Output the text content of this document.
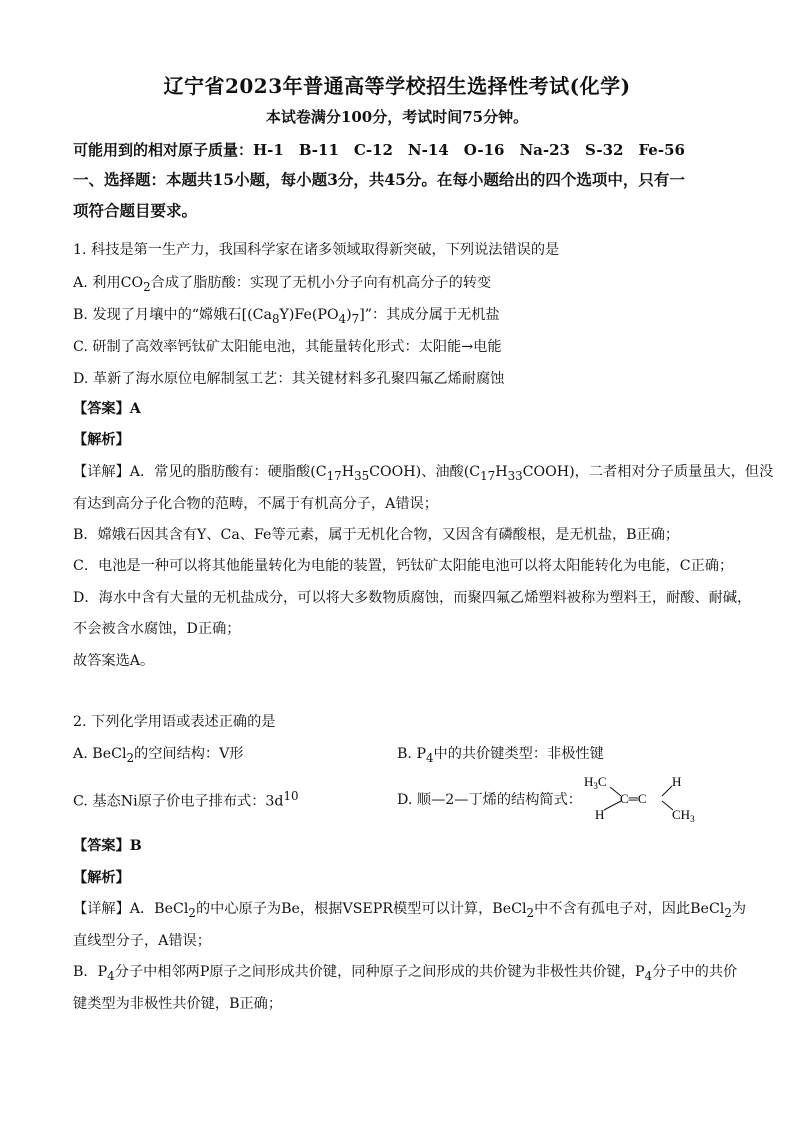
辽宁省2023年普通高等学校招生选择性考试(化学)
本试卷满分100分，考试时间75分钟。
可能用到的相对原子质量：H-1　B-11　C-12　N-14　O-16　Na-23　S-32　Fe-56
一、选择题：本题共15小题，每小题3分，共45分。在每小题给出的四个选项中，只有一
项符合题目要求。
1. 科技是第一生产力，我国科学家在诸多领域取得新突破，下列说法错误的是
A. 利用$CO_2$合成了脂肪酸：实现了无机小分子向有机高分子的转变
B. 发现了月壤中的“嫦娥石$[(Ca_8Y)Fe(PO_4)_7]$”：其成分属于无机盐
C. 研制了高效率钙钛矿太阳能电池，其能量转化形式：太阳能→电能
D. 革新了海水原位电解制氢工艺：其关键材料多孔聚四氟乙烯耐腐蚀
【答案】A
【解析】
【详解】A．常见的脂肪酸有：硬脂酸$(C_{17}H_{35}COOH)$、油酸$(C_{17}H_{33}COOH)$，二者相对分子质量虽大，但没
有达到高分子化合物的范畴，不属于有机高分子，A错误；
B．嫦娥石因其含有Y、Ca、Fe等元素，属于无机化合物，又因含有磷酸根，是无机盐，B正确；
C．电池是一种可以将其他能量转化为电能的装置，钙钛矿太阳能电池可以将太阳能转化为电能，C正确；
D．海水中含有大量的无机盐成分，可以将大多数物质腐蚀，而聚四氟乙烯塑料被称为塑料王，耐酸、耐碱，
不会被含水腐蚀，D正确；
故答案选A。
2. 下列化学用语或表述正确的是
A. BeCl$_2$的空间结构：V形	B. $P_4$中的共价键类型：非极性键
C. 基态Ni原子价电子排布式：$3d^{10}$	D. 顺—2—丁烯的结构简式：
$H_3C$	H
H	$CH_3$
C═C
【答案】B
【解析】
【详解】A．BeCl$_2$的中心原子为Be，根据VSEPR模型可以计算，BeCl$_2$中不含有孤电子对，因此BeCl$_2$为
直线型分子，A错误；
B．$P_4$分子中相邻两P原子之间形成共价键，同种原子之间形成的共价键为非极性共价键，$P_4$分子中的共价
键类型为非极性共价键，B正确；
